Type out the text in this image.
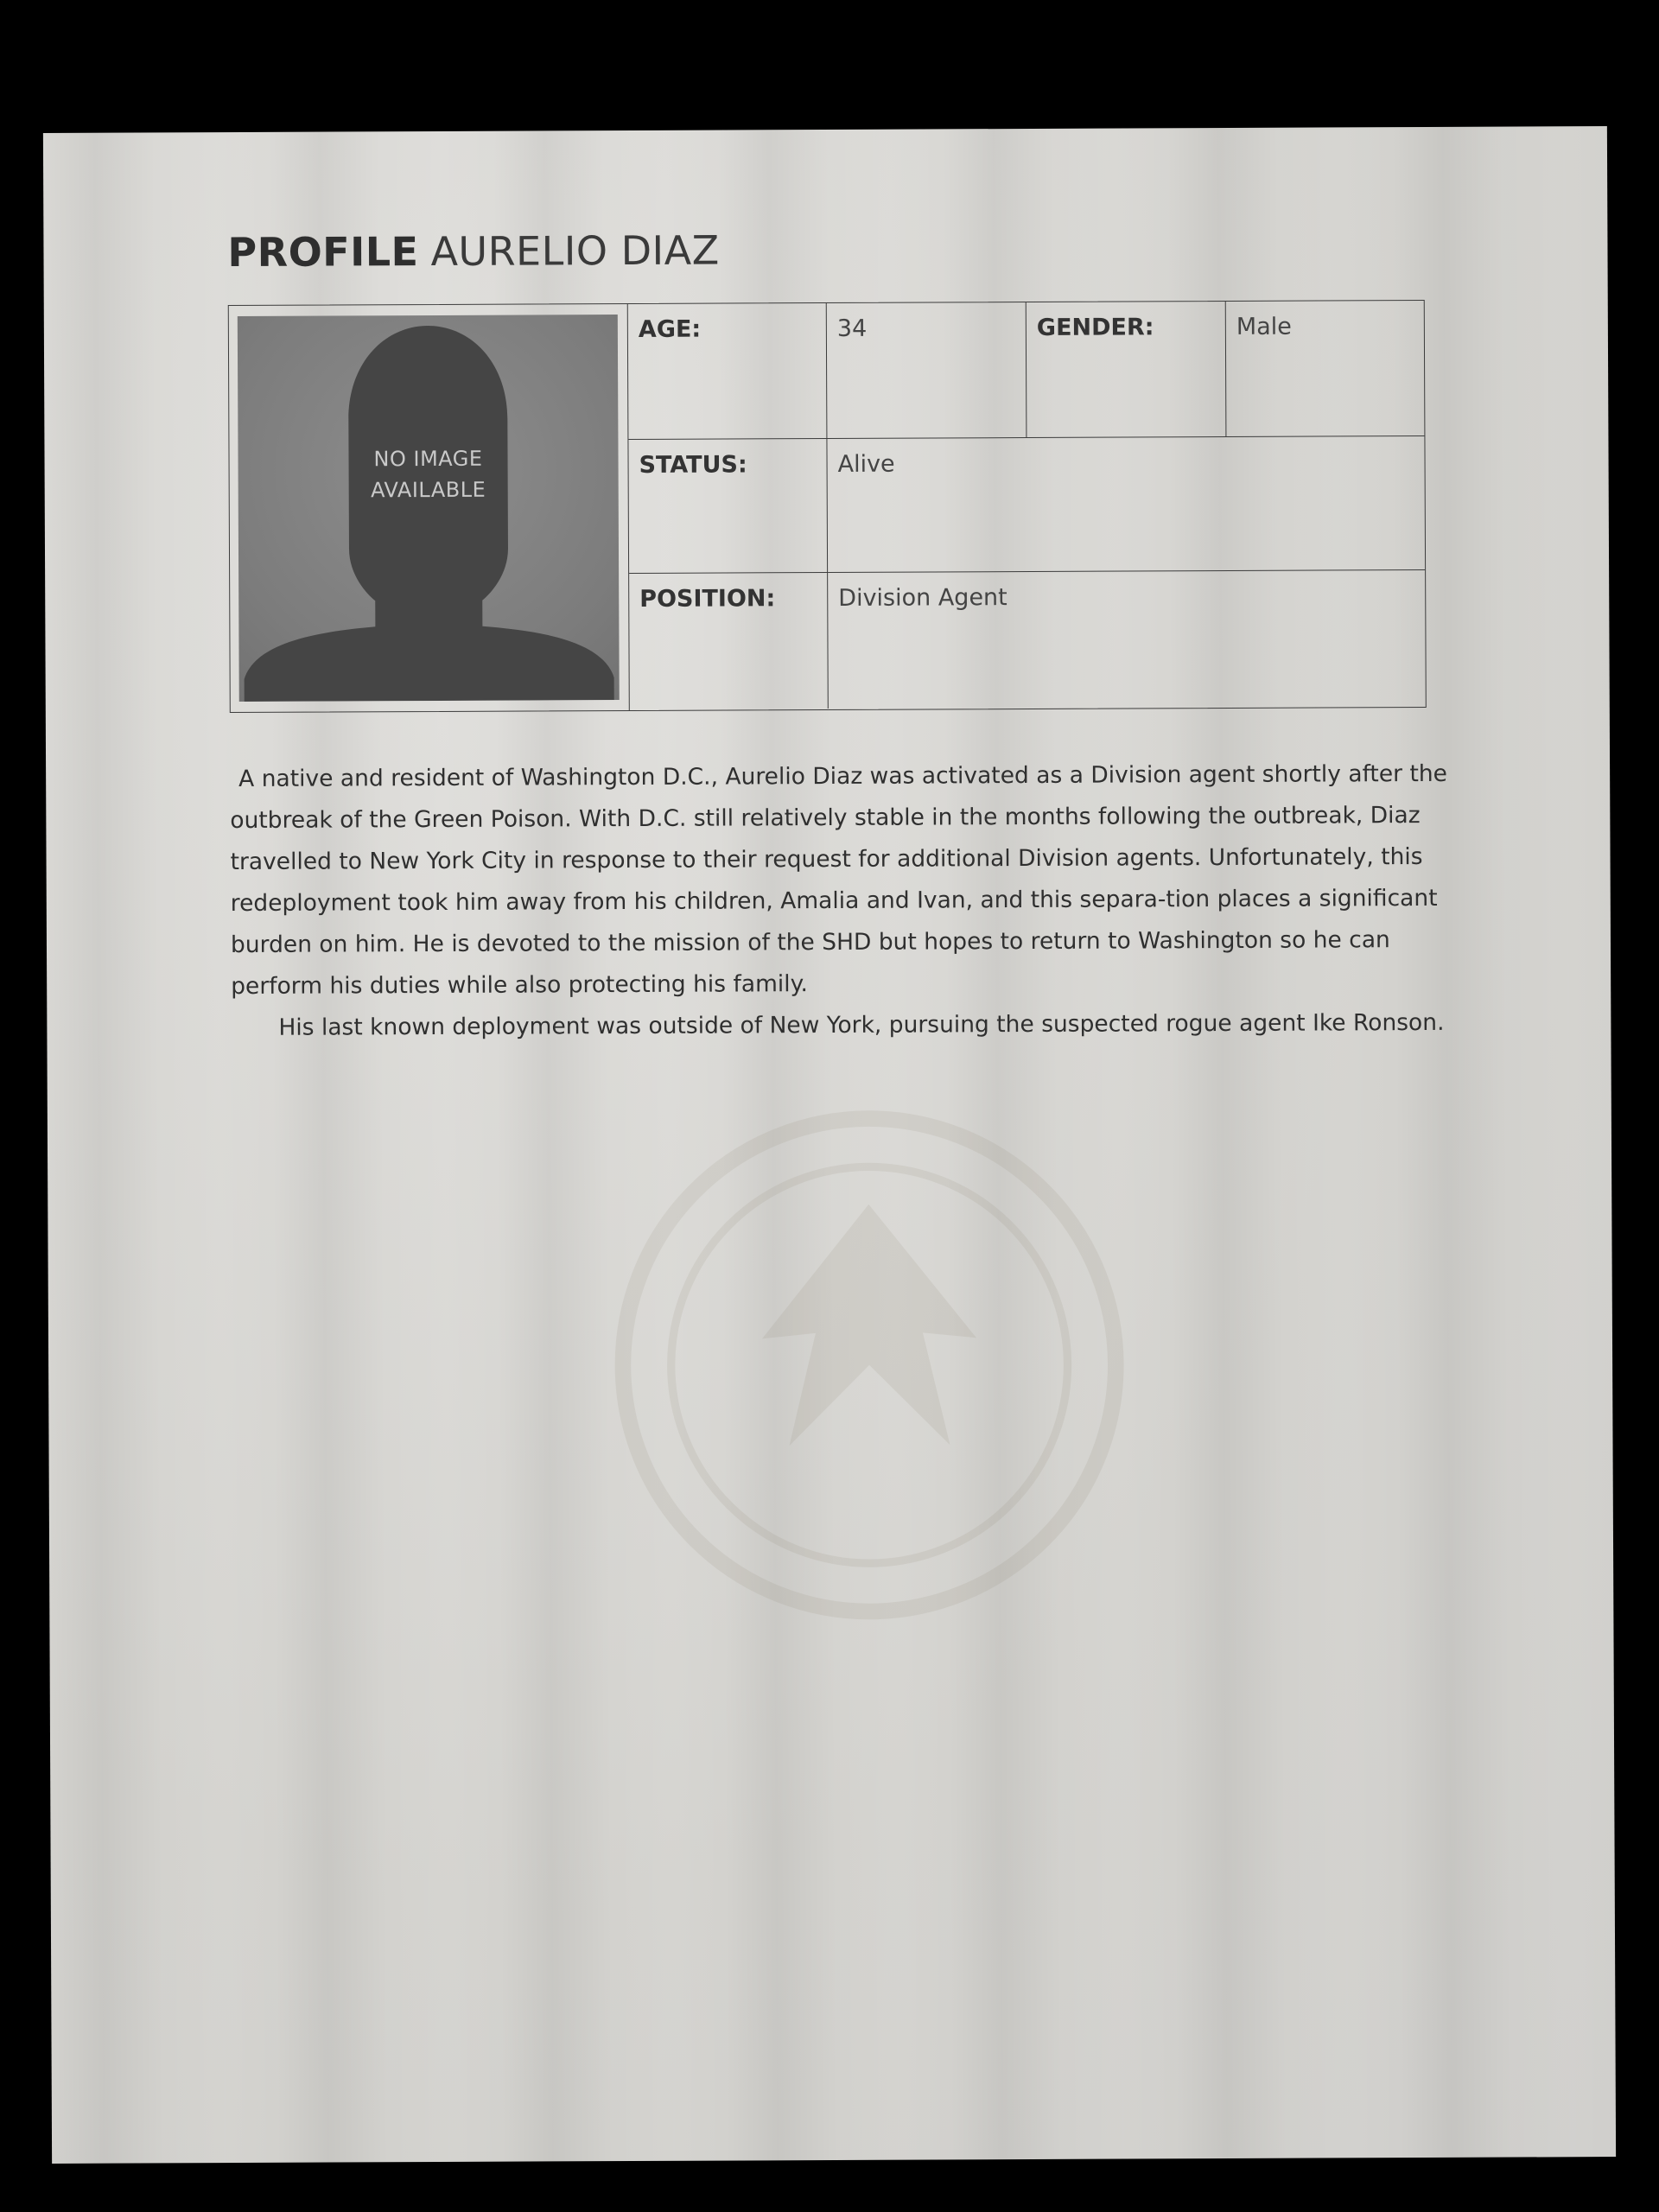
PROFILE AURELIO DIAZ
NO IMAGE
AVAILABLE
AGE:	34	GENDER:	Male
STATUS:	Alive
POSITION:	Division Agent

A native and resident of Washington D.C., Aurelio Diaz was activated as a Division agent shortly after the outbreak of the Green Poison. With D.C. still relatively stable in the months following the outbreak, Diaz travelled to New York City in response to their request for additional Division agents. Unfortunately, this redeployment took him away from his children, Amalia and Ivan, and this separa-tion places a significant burden on him. He is devoted to the mission of the SHD but hopes to return to Washington so he can perform his duties while also protecting his family.

His last known deployment was outside of New York, pursuing the suspected rogue agent Ike Ronson.
